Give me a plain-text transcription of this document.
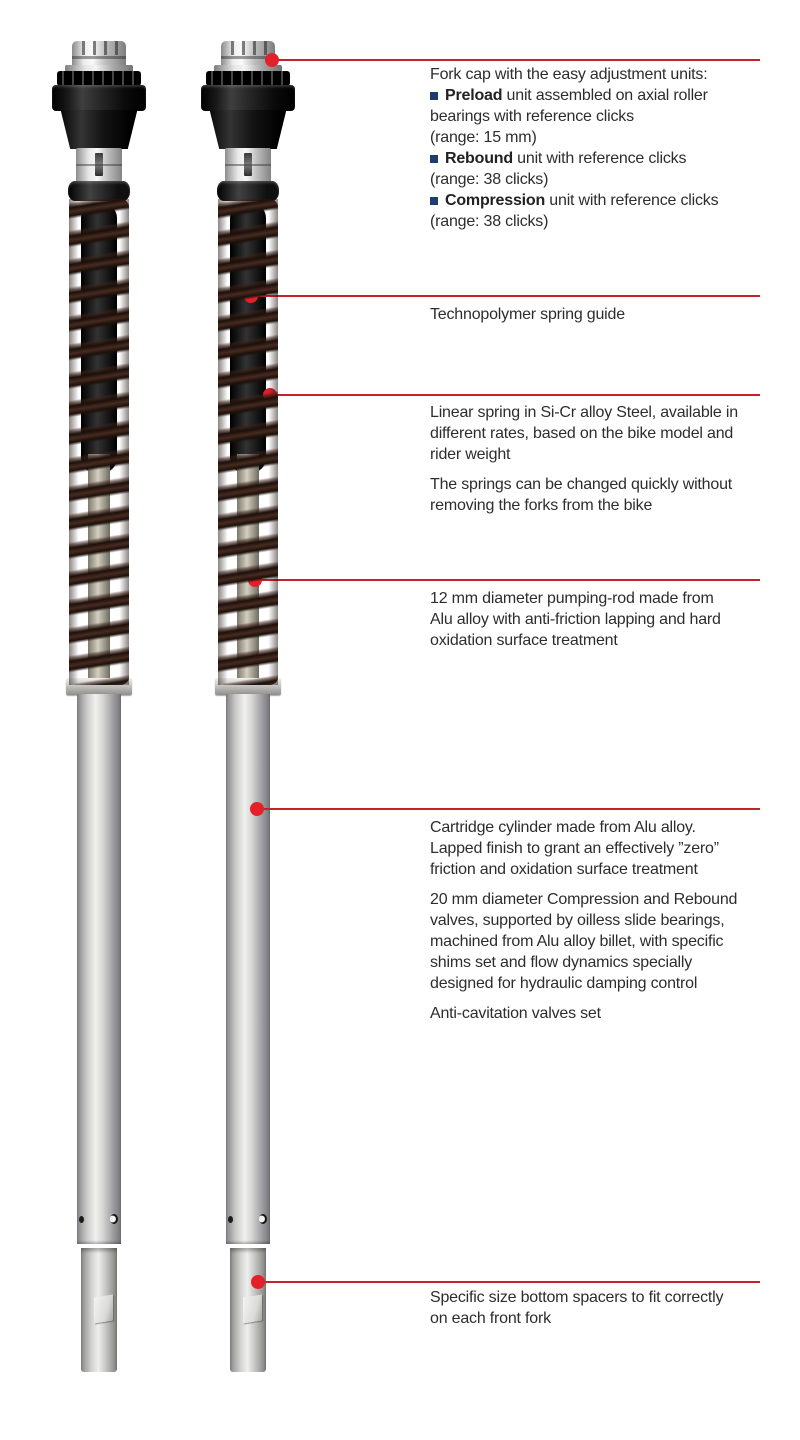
Fork cap with the easy adjustment units:
Preload unit assembled on axial roller
bearings with reference clicks
(range: 15 mm)
Rebound unit with reference clicks
(range: 38 clicks)
Compression unit with reference clicks
(range: 38 clicks)

Technopolymer spring guide

Linear spring in Si-Cr alloy Steel, available in
different rates, based on the bike model and
rider weight

The springs can be changed quickly without
removing the forks from the bike

12 mm diameter pumping-rod made from
Alu alloy with anti-friction lapping and hard
oxidation surface treatment

Cartridge cylinder made from Alu alloy.
Lapped finish to grant an effectively ”zero”
friction and oxidation surface treatment

20 mm diameter Compression and Rebound
valves, supported by oilless slide bearings,
machined from Alu alloy billet, with specific
shims set and flow dynamics specially
designed for hydraulic damping control

Anti-cavitation valves set

Specific size bottom spacers to fit correctly
on each front fork
